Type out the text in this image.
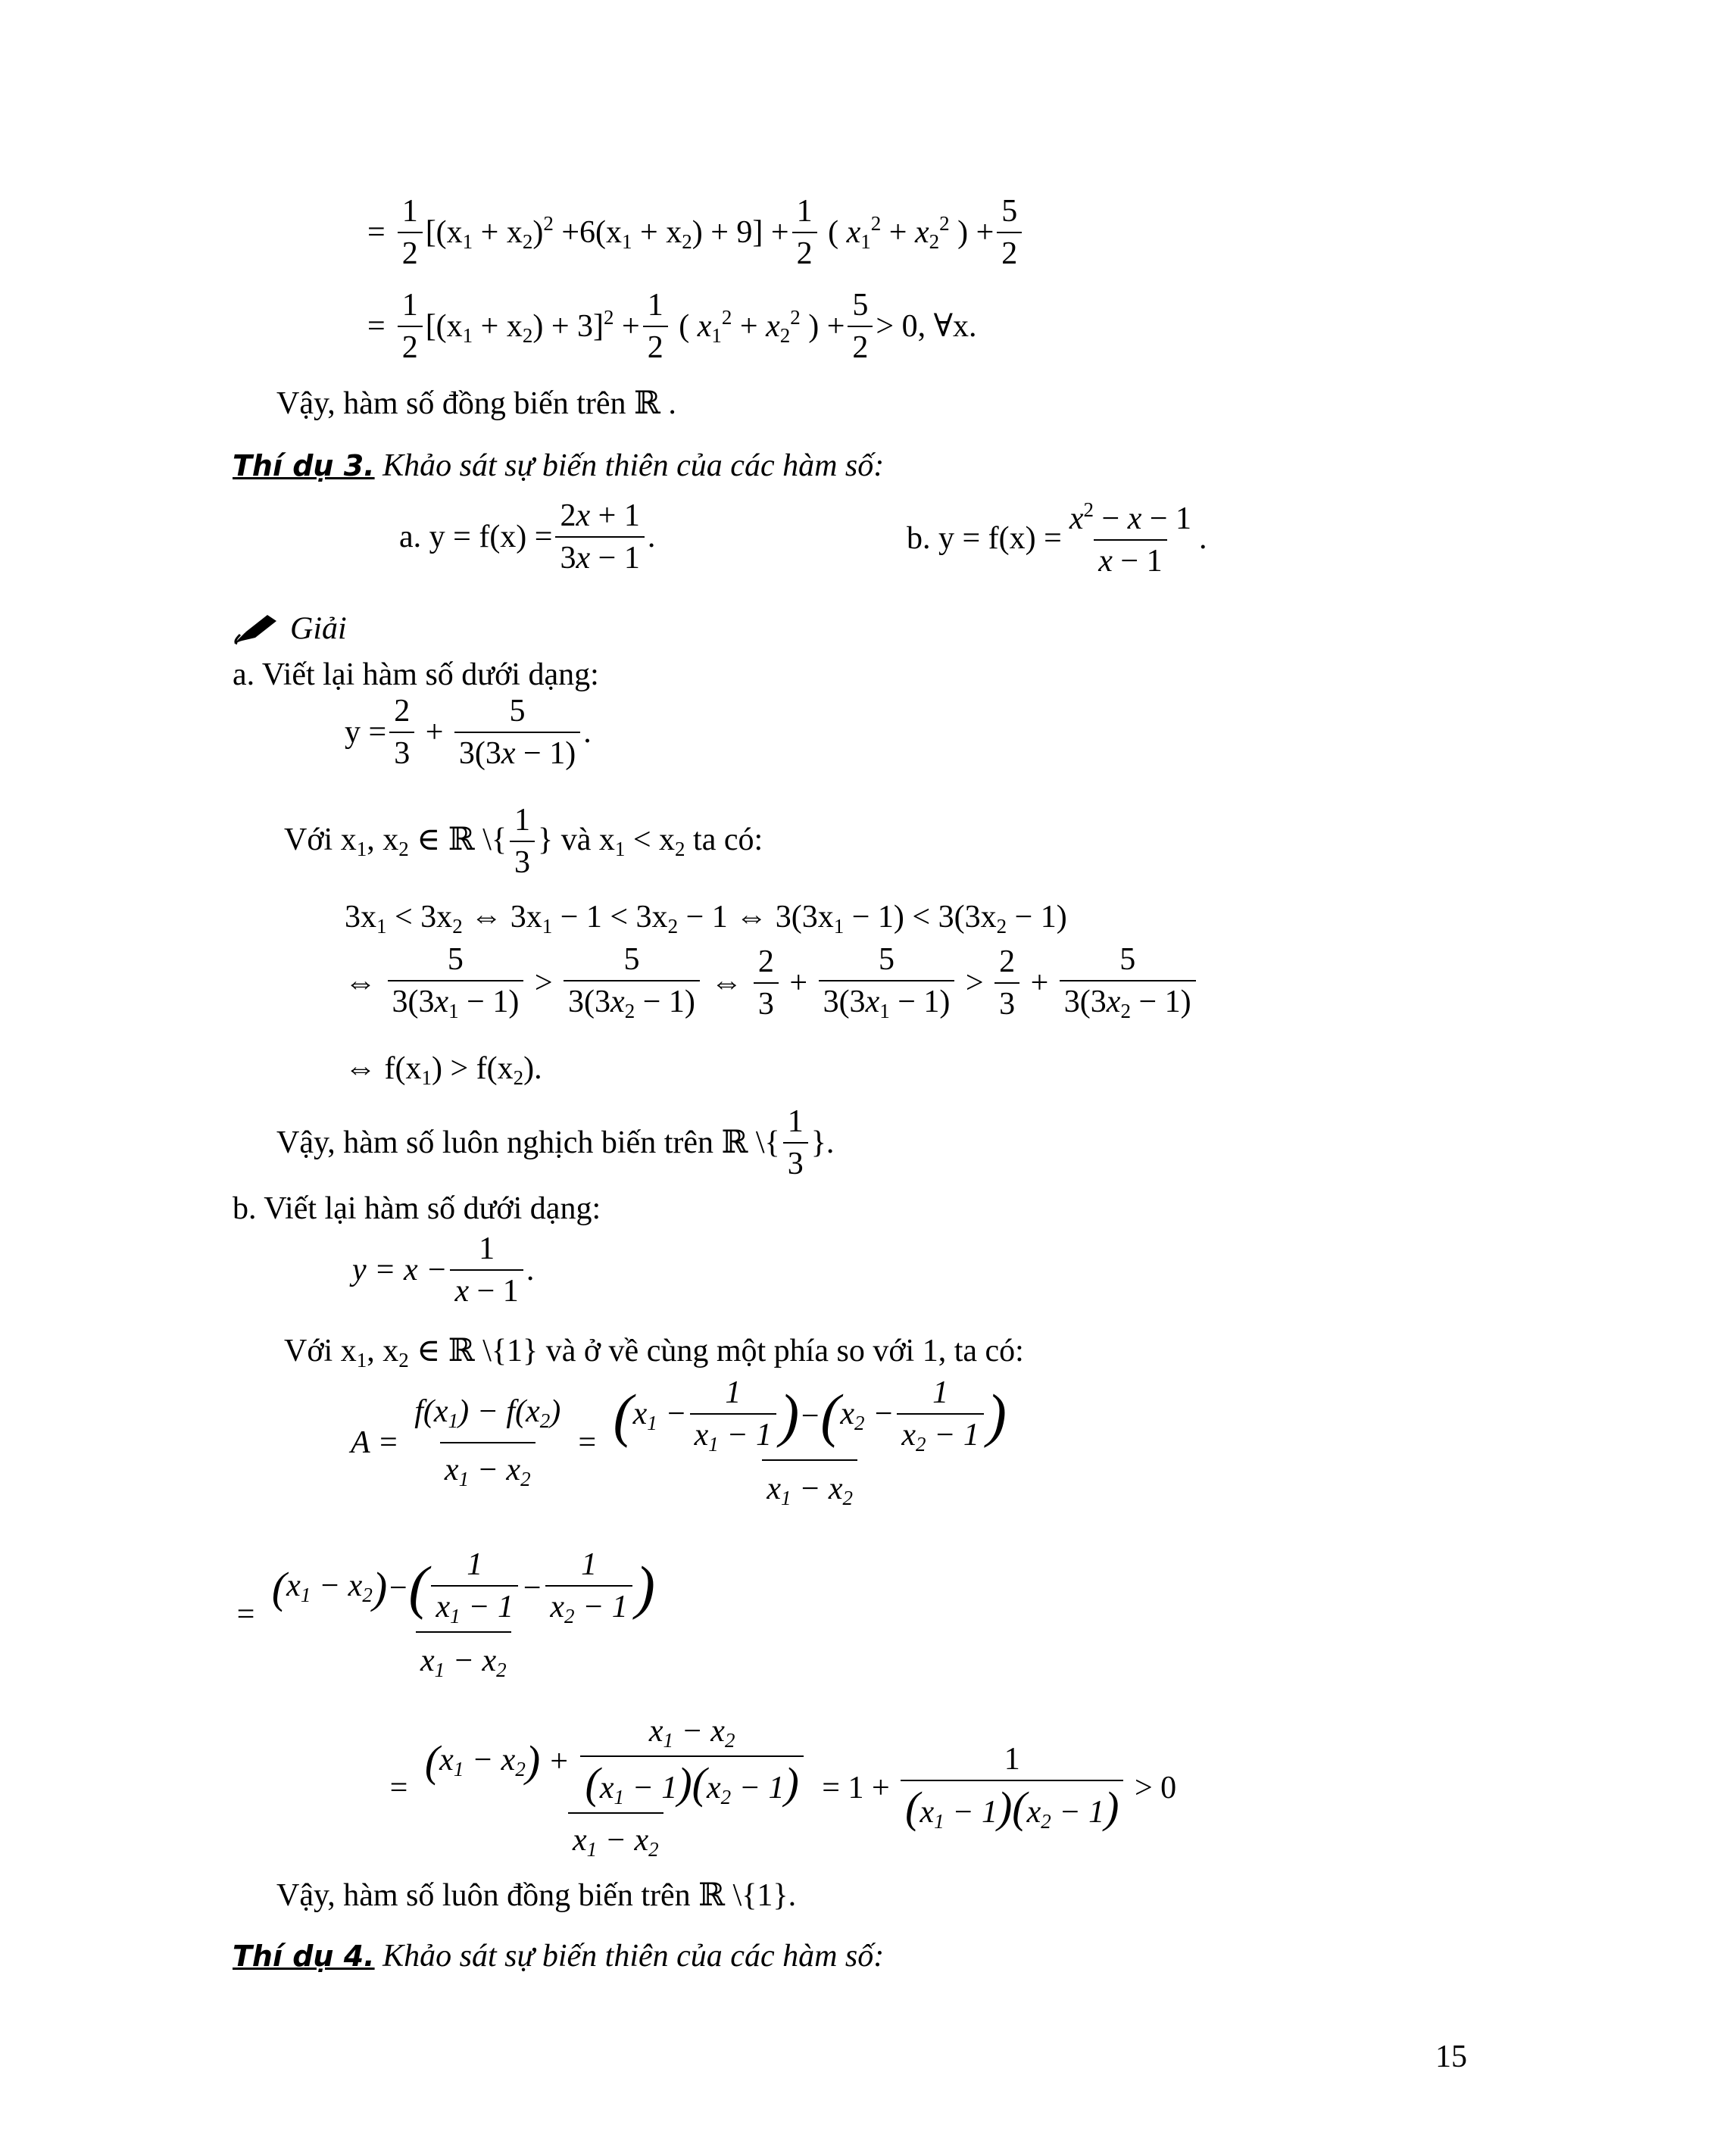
= $\frac{1}{2} [(x_1 + x_2)^2 +6(x_1 + x_2) + 9] + \frac{1}{2}$ ( $x_1^2 + x_2^2$ ) + $\frac{5}{2}$
= $\frac{1}{2} [(x_1 + x_2) + 3]^2 + \frac{1}{2}$ ( $x_1^2 + x_2^2$ ) + $\frac{5}{2} > 0$, ∀x.
Vậy, hàm số đồng biến trên ℝ .
Thí dụ 3. Khảo sát sự biến thiên của các hàm số:
a. $y = f(x) = \frac{2x + 1}{3x - 1}$ .	b. $y = f(x) = \frac{x^2 - x - 1}{x - 1}$ .
Giải
a. Viết lại hàm số dưới dạng:
$y = \frac{2}{3} + \frac{5}{3(3x - 1)}$ .
Với $x_1$, $x_2$ ∈ ℝ \{ $\frac{1}{3}$ } và $x_1 < x_2$ ta có:
$3x_1 < 3x_2$ ⇔ $3x_1 - 1 < 3x_2 - 1$ ⇔ $3(3x_1 - 1) < 3(3x_2 - 1)$
⇔ $\frac{5}{3(3x_1 - 1)} > \frac{5}{3(3x_2 - 1)}$ ⇔ $\frac{2}{3} + \frac{5}{3(3x_1 - 1)} > \frac{2}{3} + \frac{5}{3(3x_2 - 1)}$
⇔ $f(x_1) > f(x_2)$.
Vậy, hàm số luôn nghịch biến trên ℝ \{ $\frac{1}{3}$ }.
b. Viết lại hàm số dưới dạng:
$y = x - \frac{1}{x - 1}$ .
Với $x_1$, $x_2$ ∈ ℝ \{1} và ở về cùng một phía so với 1, ta có:
$A = \frac{f(x_1) - f(x_2)}{x_1 - x_2} = \frac{( x_1 - \frac{1}{x_1 - 1} ) - ( x_2 - \frac{1}{x_2 - 1} )}{x_1 - x_2}$
= $\frac{( x_1 - x_2 ) - ( \frac{1}{x_1 - 1} - \frac{1}{x_2 - 1} )}{x_1 - x_2}$
= $\frac{( x_1 - x_2 ) + \frac{x_1 - x_2}{(x_1 - 1)(x_2 - 1)}}{x_1 - x_2} = 1 + \frac{1}{(x_1 - 1)(x_2 - 1)} > 0$
Vậy, hàm số luôn đồng biến trên ℝ \{1}.
Thí dụ 4. Khảo sát sự biến thiên của các hàm số:
15
